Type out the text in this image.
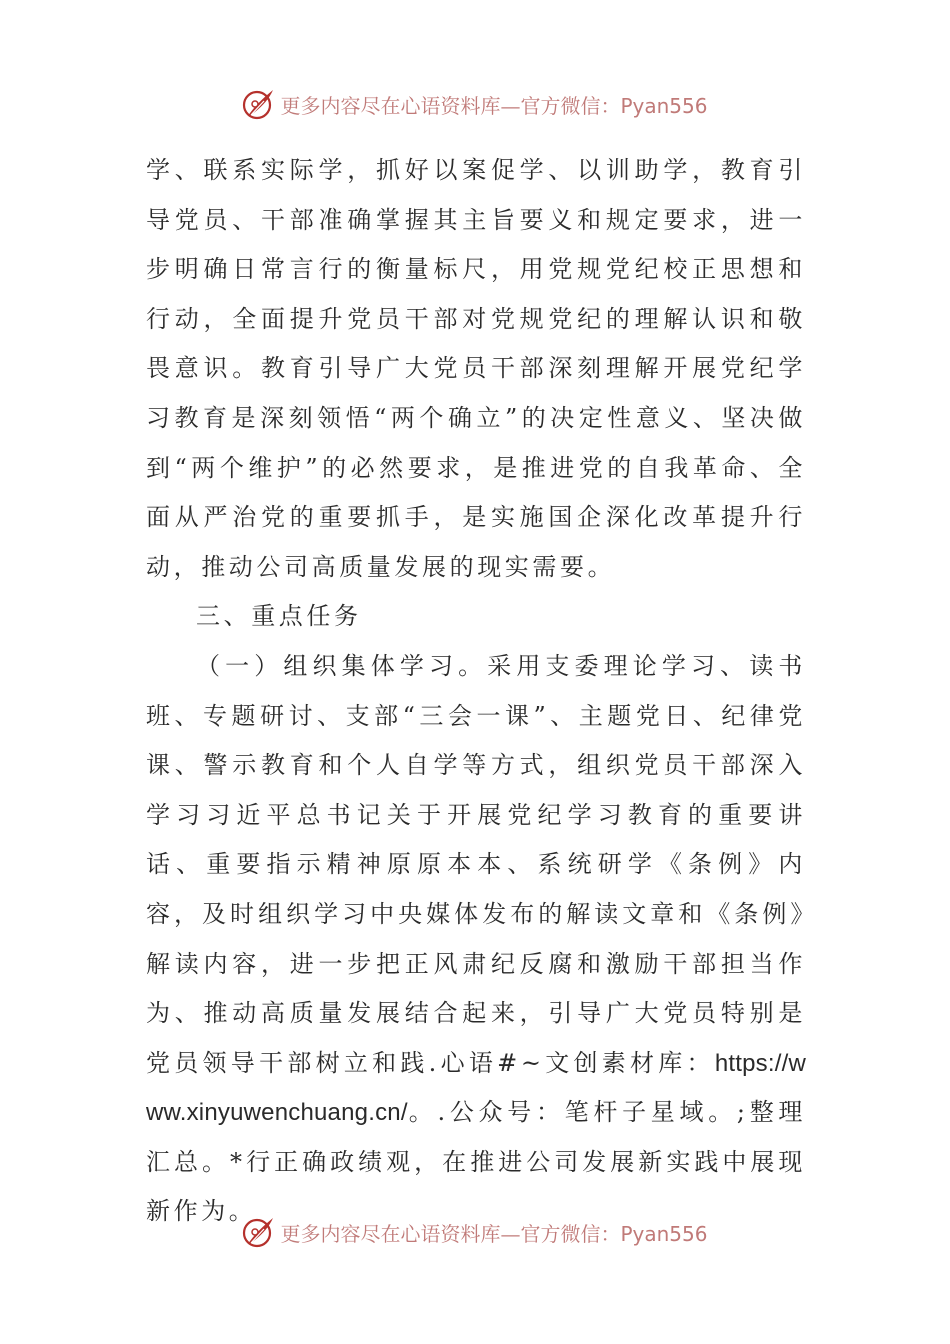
更多内容尽在心语资料库—官方微信：Pyan556

学、联系实际学，抓好以案促学、以训助学，教育引导党员、干部准确掌握其主旨要义和规定要求，进一步明确日常言行的衡量标尺，用党规党纪校正思想和行动，全面提升党员干部对党规党纪的理解认识和敬畏意识。教育引导广大党员干部深刻理解开展党纪学习教育是深刻领悟“两个确立”的决定性意义、坚决做到“两个维护”的必然要求，是推进党的自我革命、全面从严治党的重要抓手，是实施国企深化改革提升行动，推动公司高质量发展的现实需要。

三、重点任务

（一）组织集体学习。采用支委理论学习、读书班、专题研讨、支部“三会一课”、主题党日、纪律党课、警示教育和个人自学等方式，组织党员干部深入学习习近平总书记关于开展党纪学习教育的重要讲话、重要指示精神原原本本、系统研学《条例》内容，及时组织学习中央媒体发布的解读文章和《条例》解读内容，进一步把正风肃纪反腐和激励干部担当作为、推动高质量发展结合起来，引导广大党员特别是党员领导干部树立和践.心语#~文创素材库：https://www.xinyuwenchuang.cn/。.公众号：笔杆子星域。;整理汇总。*行正确政绩观，在推进公司发展新实践中展现新作为。

更多内容尽在心语资料库—官方微信：Pyan556
